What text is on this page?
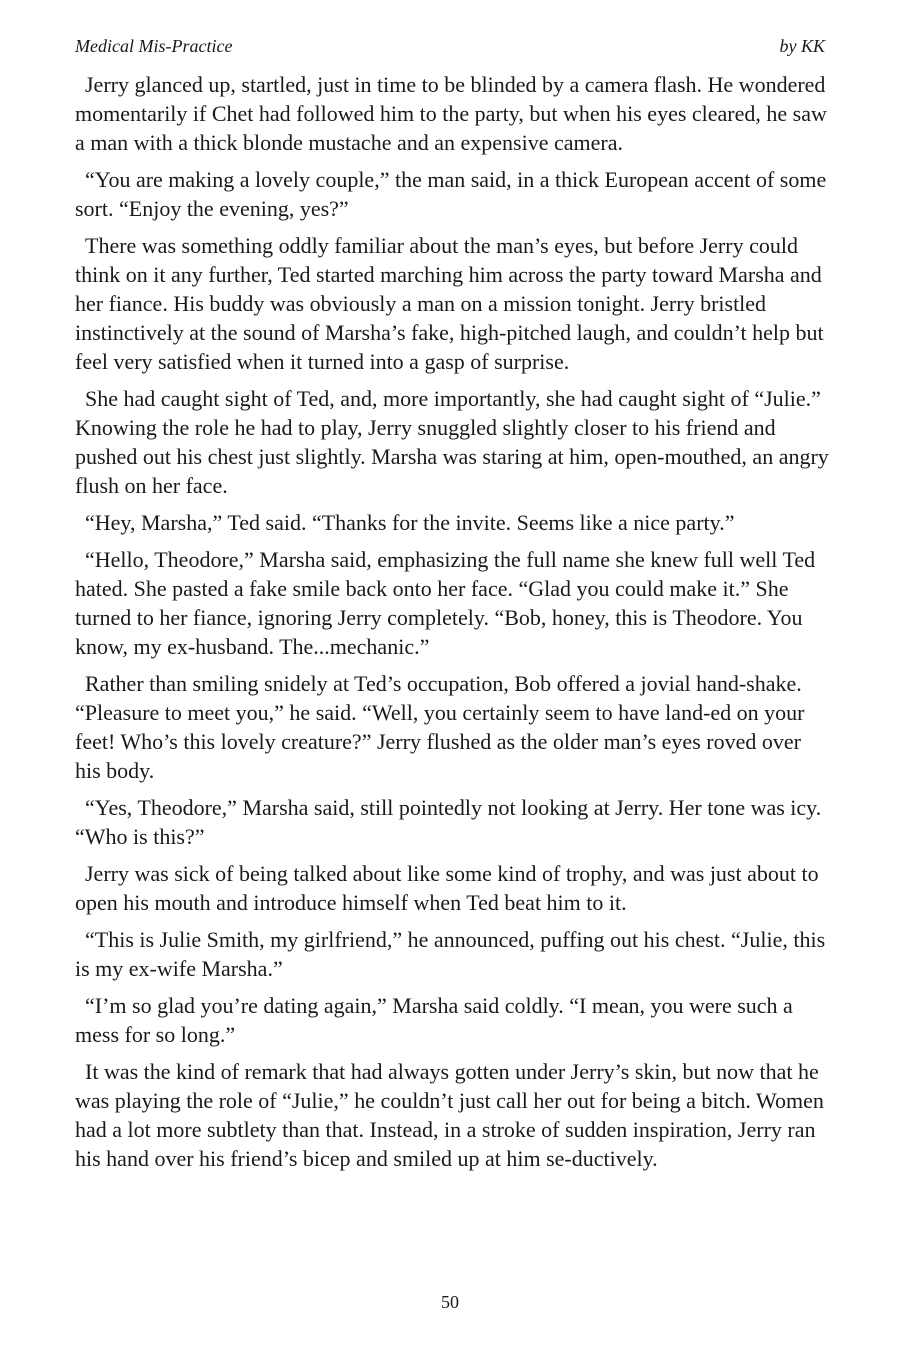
Medical Mis-Practice	by KK

Jerry glanced up, startled, just in time to be blinded by a camera flash. He wondered momentarily if Chet had followed him to the party, but when his eyes cleared, he saw a man with a thick blonde mustache and an expensive camera.

“You are making a lovely couple,” the man said, in a thick European accent of some sort. “Enjoy the evening, yes?”

There was something oddly familiar about the man’s eyes, but before Jerry could think on it any further, Ted started marching him across the party toward Marsha and her fiance. His buddy was obviously a man on a mission tonight. Jerry bristled instinctively at the sound of Marsha’s fake, high-pitched laugh, and couldn’t help but feel very satisfied when it turned into a gasp of surprise.

She had caught sight of Ted, and, more importantly, she had caught sight of “Julie.” Knowing the role he had to play, Jerry snuggled slightly closer to his friend and pushed out his chest just slightly. Marsha was staring at him, open-mouthed, an angry flush on her face.

“Hey, Marsha,” Ted said. “Thanks for the invite. Seems like a nice party.”

“Hello, Theodore,” Marsha said, emphasizing the full name she knew full well Ted hated. She pasted a fake smile back onto her face. “Glad you could make it.” She turned to her fiance, ignoring Jerry completely. “Bob, honey, this is Theodore. You know, my ex-husband. The...mechanic.”

Rather than smiling snidely at Ted’s occupation, Bob offered a jovial hand-shake. “Pleasure to meet you,” he said. “Well, you certainly seem to have land-ed on your feet! Who’s this lovely creature?” Jerry flushed as the older man’s eyes roved over his body.

“Yes, Theodore,” Marsha said, still pointedly not looking at Jerry. Her tone was icy. “Who is this?”

Jerry was sick of being talked about like some kind of trophy, and was just about to open his mouth and introduce himself when Ted beat him to it.

“This is Julie Smith, my girlfriend,” he announced, puffing out his chest. “Julie, this is my ex-wife Marsha.”

“I’m so glad you’re dating again,” Marsha said coldly. “I mean, you were such a mess for so long.”

It was the kind of remark that had always gotten under Jerry’s skin, but now that he was playing the role of “Julie,” he couldn’t just call her out for being a bitch. Women had a lot more subtlety than that. Instead, in a stroke of sudden inspiration, Jerry ran his hand over his friend’s bicep and smiled up at him se-ductively.

50
